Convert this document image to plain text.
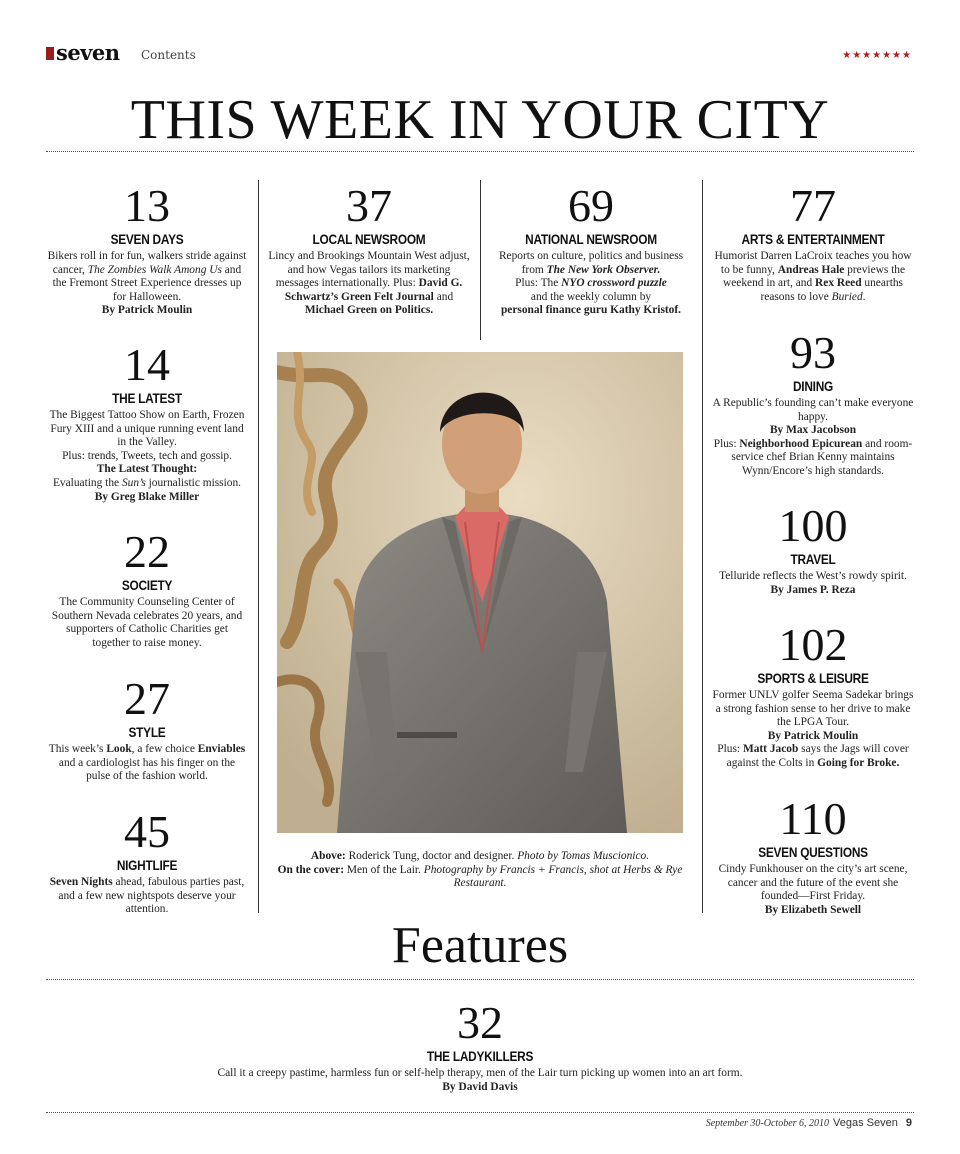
seven Contents	★★★★★★★
THIS WEEK IN YOUR CITY
13
SEVEN DAYS
Bikers roll in for fun, walkers stride against cancer, The Zombies Walk Among Us and the Fremont Street Experience dresses up for Halloween.
By Patrick Moulin
14
THE LATEST
The Biggest Tattoo Show on Earth, Frozen Fury XIII and a unique running event land in the Valley.
Plus: trends, Tweets, tech and gossip.
The Latest Thought:
Evaluating the Sun’s journalistic mission.
By Greg Blake Miller
22
SOCIETY
The Community Counseling Center of Southern Nevada celebrates 20 years, and supporters of Catholic Charities get together to raise money.
27
STYLE
This week’s Look, a few choice Enviables and a cardiologist has his finger on the pulse of the fashion world.
45
NIGHTLIFE
Seven Nights ahead, fabulous parties past, and a few new nightspots deserve your attention.
37
LOCAL NEWSROOM
Lincy and Brookings Mountain West adjust, and how Vegas tailors its marketing messages internationally. Plus: David G. Schwartz’s Green Felt Journal and Michael Green on Politics.
69
NATIONAL NEWSROOM
Reports on culture, politics and business from The New York Observer.
Plus: The NYO crossword puzzle
and the weekly column by
personal finance guru Kathy Kristof.
Above: Roderick Tung, doctor and designer. Photo by Tomas Muscionico.
On the cover: Men of the Lair. Photography by Francis + Francis, shot at Herbs & Rye Restaurant.
77
ARTS & ENTERTAINMENT
Humorist Darren LaCroix teaches you how to be funny, Andreas Hale previews the weekend in art, and Rex Reed unearths reasons to love Buried.
93
DINING
A Republic’s founding can’t make everyone happy.
By Max Jacobson
Plus: Neighborhood Epicurean and room-service chef Brian Kenny maintains Wynn/Encore’s high standards.
100
TRAVEL
Telluride reflects the West’s rowdy spirit.
By James P. Reza
102
SPORTS & LEISURE
Former UNLV golfer Seema Sadekar brings a strong fashion sense to her drive to make the LPGA Tour.
By Patrick Moulin
Plus: Matt Jacob says the Jags will cover against the Colts in Going for Broke.
110
SEVEN QUESTIONS
Cindy Funkhouser on the city’s art scene, cancer and the future of the event she founded—First Friday.
By Elizabeth Sewell
Features
32
THE LADYKILLERS
Call it a creepy pastime, harmless fun or self-help therapy, men of the Lair turn picking up women into an art form.
By David Davis
September 30-October 6, 2010 Vegas Seven 9
